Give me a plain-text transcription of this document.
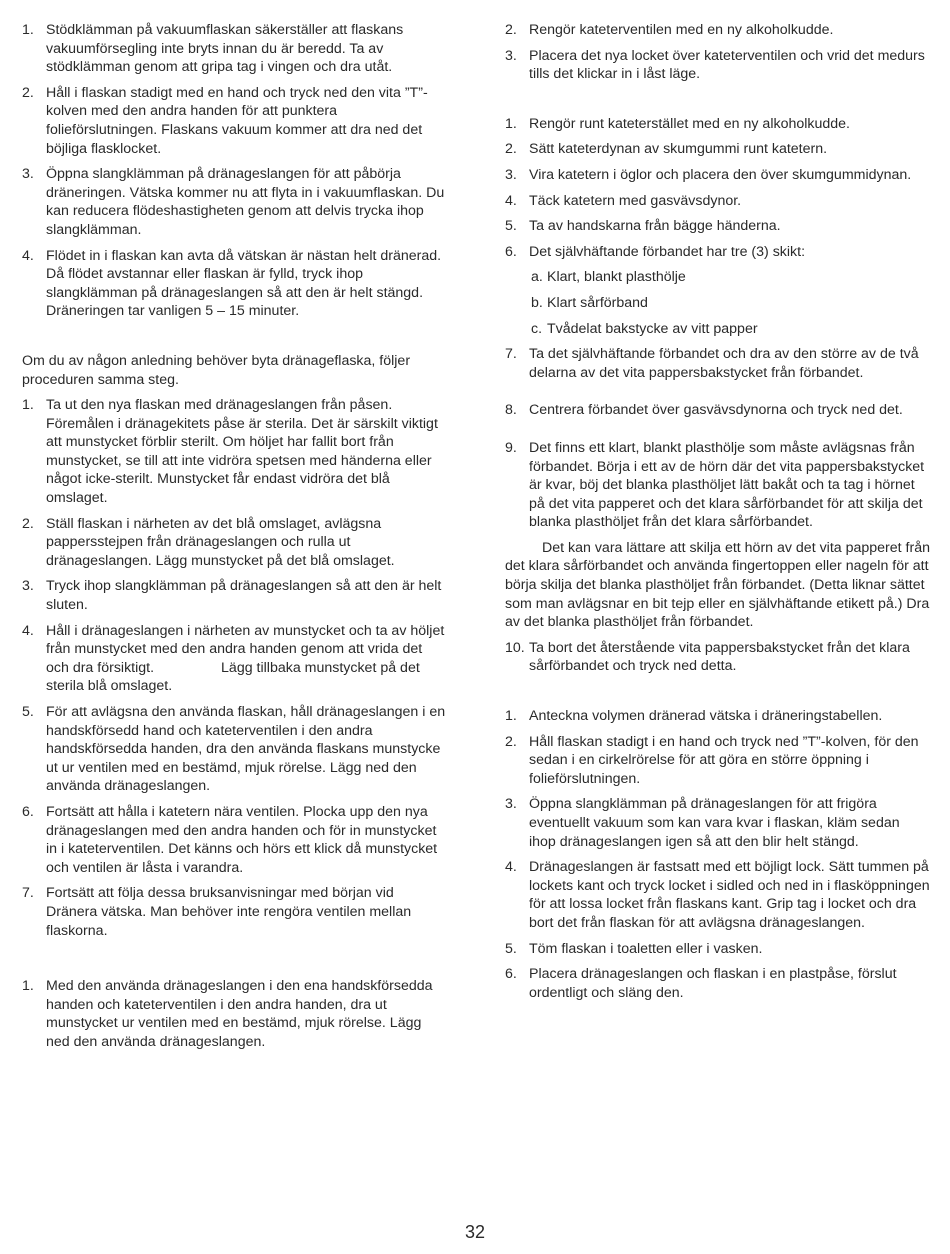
1. Stödklämman på vakuumflaskan säkerställer att flaskans vakuumförsegling inte bryts innan du är beredd. Ta av stödklämman genom att gripa tag i vingen och dra utåt.
2. Håll i flaskan stadigt med en hand och tryck ned den vita ”T”-kolven med den andra handen för att punktera folieförslutningen. Flaskans vakuum kommer att dra ned det böjliga flasklocket.
3. Öppna slangklämman på dränageslangen för att påbörja dräneringen. Vätska kommer nu att flyta in i vakuumflaskan. Du kan reducera flödeshastigheten genom att delvis trycka ihop slangklämman.
4. Flödet in i flaskan kan avta då vätskan är nästan helt dränerad. Då flödet avstannar eller flaskan är fylld, tryck ihop slangklämman på dränageslangen så att den är helt stängd. Dräneringen tar vanligen 5 – 15 minuter.

Om du av någon anledning behöver byta dränageflaska, följer proceduren samma steg.

1. Ta ut den nya flaskan med dränageslangen från påsen. Föremålen i dränagekitets påse är sterila. Det är särskilt viktigt att munstycket förblir sterilt. Om höljet har fallit bort från munstycket, se till att inte vidröra spetsen med händerna eller något icke-sterilt. Munstycket får endast vidröra det blå omslaget.
2. Ställ flaskan i närheten av det blå omslaget, avlägsna pappersstejpen från dränageslangen och rulla ut dränageslangen. Lägg munstycket på det blå omslaget.
3. Tryck ihop slangklämman på dränageslangen så att den är helt sluten.
4. Håll i dränageslangen i närheten av munstycket och ta av höljet från munstycket med den andra handen genom att vrida det och dra försiktigt.                 Lägg tillbaka munstycket på det sterila blå omslaget.
5. För att avlägsna den använda flaskan, håll dränageslangen i en handskförsedd hand och kateterventilen i den andra handskförsedda handen, dra den använda flaskans munstycke ut ur ventilen med en bestämd, mjuk rörelse. Lägg ned den använda dränageslangen.
6. Fortsätt att hålla i katetern nära ventilen. Plocka upp den nya dränageslangen med den andra handen och för in munstycket in i kateterventilen. Det känns och hörs ett klick då munstycket och ventilen är låsta i varandra.
7. Fortsätt att följa dessa bruksanvisningar med början vid Dränera vätska. Man behöver inte rengöra ventilen mellan flaskorna.
1. Med den använda dränageslangen i den ena handskförsedda handen och kateterventilen i den andra handen, dra ut munstycket ur ventilen med en bestämd, mjuk rörelse. Lägg ned den använda dränageslangen.
2. Rengör kateterventilen med en ny alkoholkudde.
3. Placera det nya locket över kateterventilen och vrid det medurs tills det klickar in i låst läge.
1. Rengör runt kateterstället med en ny alkoholkudde.
2. Sätt kateterdynan av skumgummi runt katetern.
3. Vira katetern i öglor och placera den över skumgummidynan.
4. Täck katetern med gasvävsdynor.
5. Ta av handskarna från bägge händerna.
6. Det självhäftande förbandet har tre (3) skikt:
a. Klart, blankt plasthölje
b. Klart sårförband
c. Tvådelat bakstycke av vitt papper
7. Ta det självhäftande förbandet och dra av den större av de två delarna av det vita pappersbakstycket från förbandet.
8. Centrera förbandet över gasvävsdynorna och tryck ned det.
9. Det finns ett klart, blankt plasthölje som måste avlägsnas från förbandet. Börja i ett av de hörn där det vita pappersbakstycket är kvar, böj det blanka plasthöljet lätt bakåt och ta tag i hörnet på det vita papperet och det klara sårförbandet för att skilja det blanka plasthöljet från det klara sårförbandet.

Det kan vara lättare att skilja ett hörn av det vita papperet från det klara sårförbandet och använda fingertoppen eller nageln för att börja skilja det blanka plasthöljet från förbandet. (Detta liknar sättet som man avlägsnar en bit tejp eller en självhäftande etikett på.) Dra av det blanka plasthöljet från förbandet.

10. Ta bort det återstående vita pappersbakstycket från det klara sårförbandet och tryck ned detta.
1. Anteckna volymen dränerad vätska i dräneringstabellen.
2. Håll flaskan stadigt i en hand och tryck ned ”T”-kolven, för den sedan i en cirkelrörelse för att göra en större öppning i folieförslutningen.
3. Öppna slangklämman på dränageslangen för att frigöra eventuellt vakuum som kan vara kvar i flaskan, kläm sedan ihop dränageslangen igen så att den blir helt stängd.
4. Dränageslangen är fastsatt med ett böjligt lock. Sätt tummen på lockets kant och tryck locket i sidled och ned in i flasköppningen för att lossa locket från flaskans kant. Grip tag i locket och dra bort det från flaskan för att avlägsna dränageslangen.
5. Töm flaskan i toaletten eller i vasken.
6. Placera dränageslangen och flaskan i en plastpåse, förslut ordentligt och släng den.
32
